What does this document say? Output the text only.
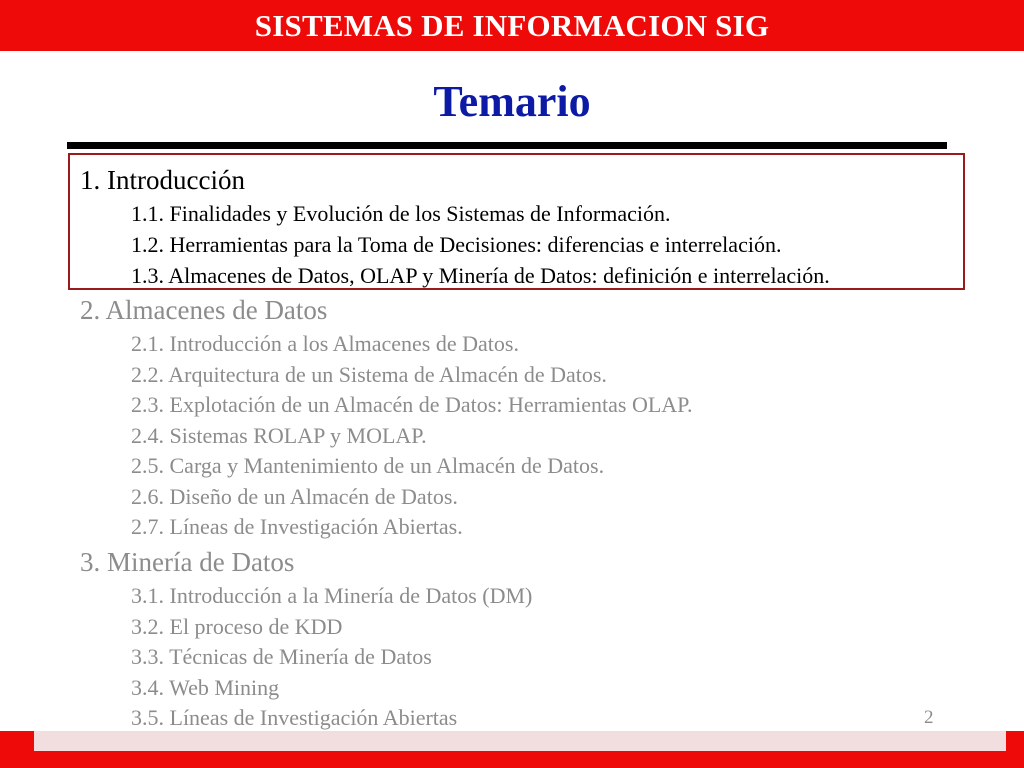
SISTEMAS DE INFORMACION SIG
Temario
1. Introducción
1.1. Finalidades y Evolución de los Sistemas de Información.
1.2. Herramientas para la Toma de Decisiones: diferencias e interrelación.
1.3. Almacenes de Datos, OLAP y Minería de Datos: definición e interrelación.
2. Almacenes de Datos
2.1. Introducción a los Almacenes de Datos.
2.2. Arquitectura de un Sistema de Almacén de Datos.
2.3. Explotación de un Almacén de Datos: Herramientas OLAP.
2.4. Sistemas ROLAP y MOLAP.
2.5. Carga y Mantenimiento de un Almacén de Datos.
2.6. Diseño de un Almacén de Datos.
2.7. Líneas de Investigación Abiertas.
3. Minería de Datos
3.1. Introducción a la Minería de Datos (DM)
3.2. El proceso de KDD
3.3. Técnicas de Minería de Datos
3.4. Web Mining
3.5. Líneas de Investigación Abiertas	2
